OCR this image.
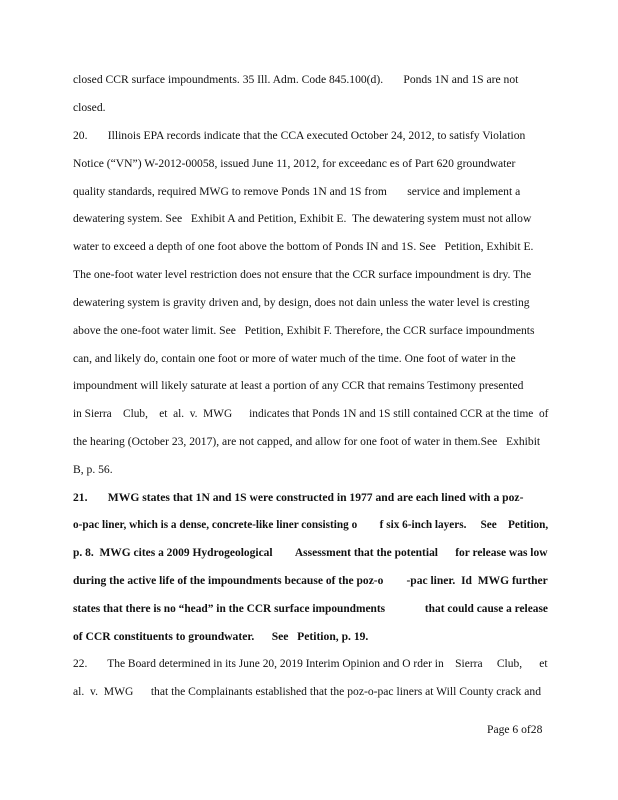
closed CCR surface impoundments. 35 Ill. Adm. Code 845.100(d).       Ponds 1N and 1S are not
closed.
20.       Illinois EPA records indicate that the CCA executed October 24, 2012, to satisfy Violation
Notice (“VN”) W-2012-00058, issued June 11, 2012, for exceedanc es of Part 620 groundwater
quality standards, required MWG to remove Ponds 1N and 1S from       service and implement a
dewatering system. See   Exhibit A and Petition, Exhibit E.  The dewatering system must not allow
water to exceed a depth of one foot above the bottom of Ponds IN and 1S. See   Petition, Exhibit E.
The one-foot water level restriction does not ensure that the CCR surface impoundment is dry. The
dewatering system is gravity driven and, by design, does not dain unless the water level is cresting
above the one-foot water limit. See   Petition, Exhibit F. Therefore, the CCR surface impoundments
can, and likely do, contain one foot or more of water much of the time. One foot of water in the
impoundment will likely saturate at least a portion of any CCR that remains Testimony presented
in Sierra    Club,    et  al.  v.  MWG      indicates that Ponds 1N and 1S still contained CCR at the time  of
the hearing (October 23, 2017), are not capped, and allow for one foot of water in them.See   Exhibit
B, p. 56.
21.       MWG states that 1N and 1S were constructed in 1977 and are each lined with a poz-
o-pac liner, which is a dense, concrete-like liner consisting o        f six 6-inch layers.     See    Petition,
p. 8.  MWG cites a 2009 Hydrogeological        Assessment that the potential      for release was low
during the active life of the impoundments because of the poz-o        -pac liner.  Id  MWG further
states that there is no “head” in the CCR surface impoundments              that could cause a release
of CCR constituents to groundwater.      See   Petition, p. 19.
22.       The Board determined in its June 20, 2019 Interim Opinion and O rder in    Sierra     Club,      et
al.  v.  MWG      that the Complainants established that the poz-o-pac liners at Will County crack and
Page 6 of28
